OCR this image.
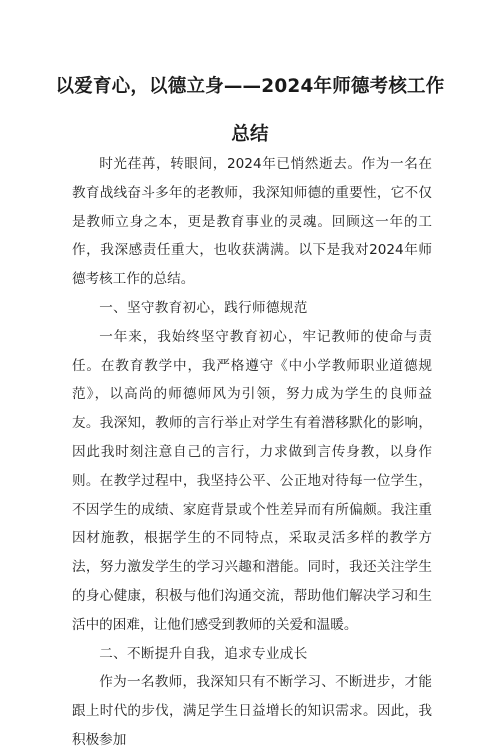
以爱育心，以德立身——2024年师德考核工作
总结

时光荏苒，转眼间，2024年已悄然逝去。作为一名在教育战线奋斗多年的老教师，我深知师德的重要性，它不仅是教师立身之本，更是教育事业的灵魂。回顾这一年的工作，我深感责任重大，也收获满满。以下是我对2024年师德考核工作的总结。

一、坚守教育初心，践行师德规范

一年来，我始终坚守教育初心，牢记教师的使命与责任。在教育教学中，我严格遵守《中小学教师职业道德规范》，以高尚的师德师风为引领，努力成为学生的良师益友。我深知，教师的言行举止对学生有着潜移默化的影响，因此我时刻注意自己的言行，力求做到言传身教，以身作则。在教学过程中，我坚持公平、公正地对待每一位学生，不因学生的成绩、家庭背景或个性差异而有所偏颇。我注重因材施教，根据学生的不同特点，采取灵活多样的教学方法，努力激发学生的学习兴趣和潜能。同时，我还关注学生的身心健康，积极与他们沟通交流，帮助他们解决学习和生活中的困难，让他们感受到教师的关爱和温暖。

二、不断提升自我，追求专业成长

作为一名教师，我深知只有不断学习、不断进步，才能跟上时代的步伐，满足学生日益增长的知识需求。因此，我积极参加
